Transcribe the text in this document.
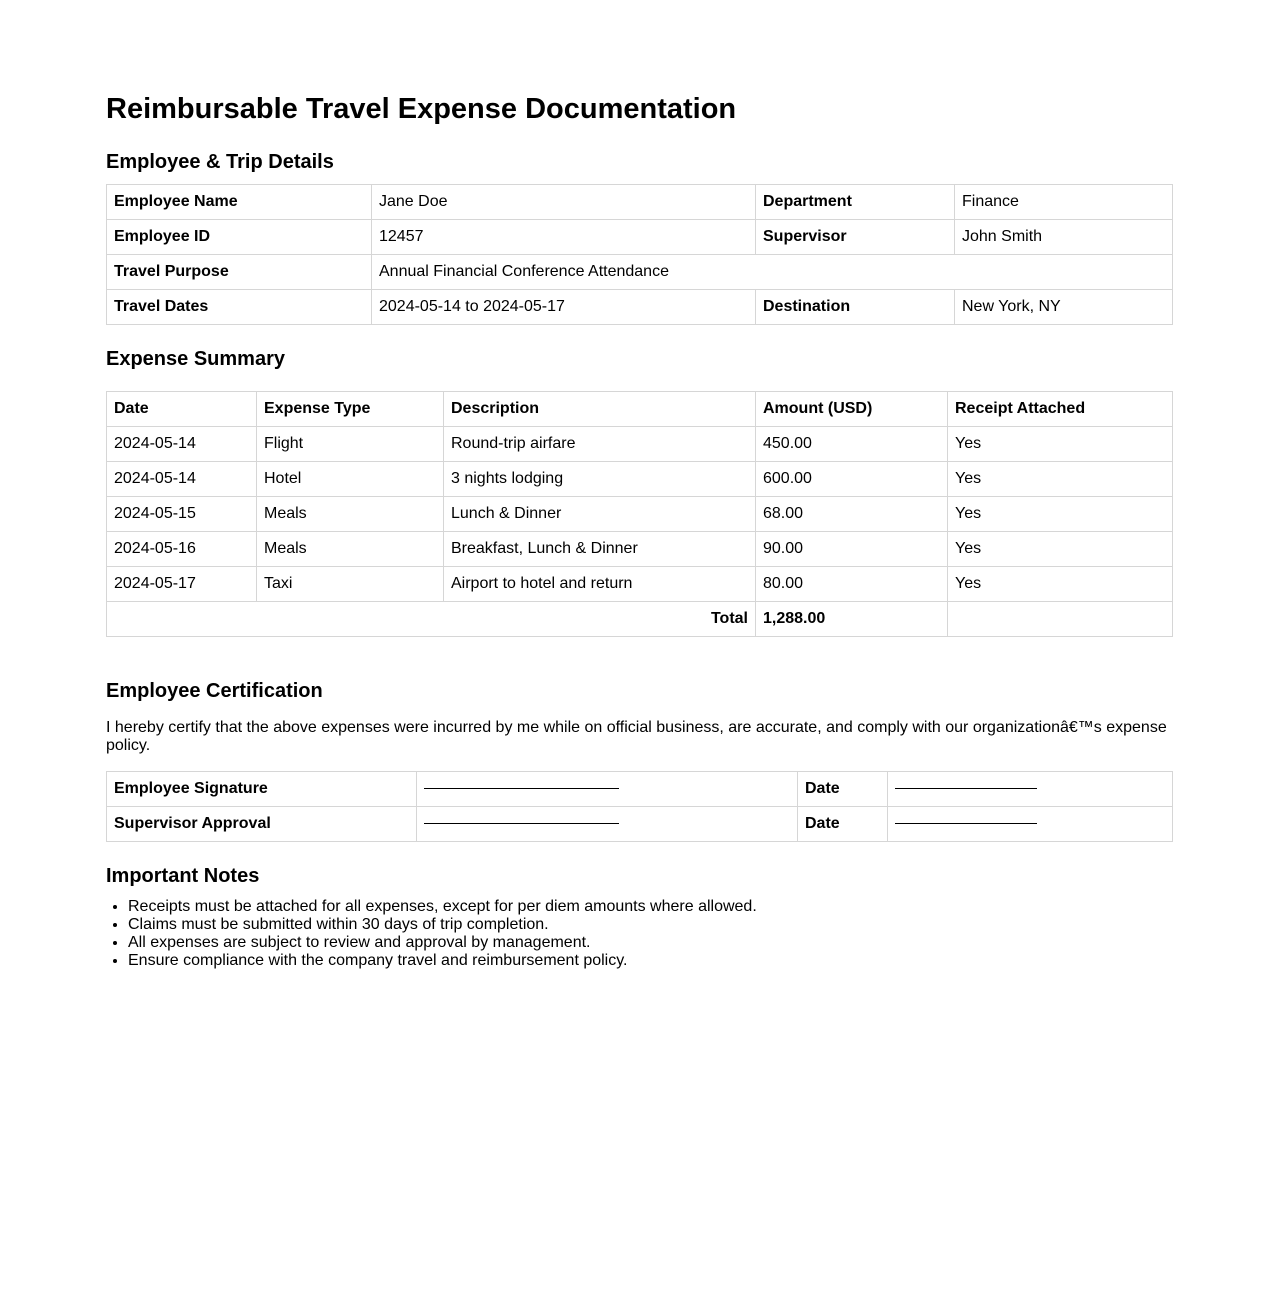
Reimbursable Travel Expense Documentation
Employee & Trip Details
Employee Name	Jane Doe	Department	Finance
Employee ID	12457	Supervisor	John Smith
Travel Purpose	Annual Financial Conference Attendance		
Travel Dates	2024-05-14 to 2024-05-17	Destination	New York, NY
Expense Summary
Date	Expense Type	Description	Amount (USD)	Receipt Attached
2024-05-14	Flight	Round-trip airfare	450.00	Yes
2024-05-14	Hotel	3 nights lodging	600.00	Yes
2024-05-15	Meals	Lunch & Dinner	68.00	Yes
2024-05-16	Meals	Breakfast, Lunch & Dinner	90.00	Yes
2024-05-17	Taxi	Airport to hotel and return	80.00	Yes
Total			1,288.00	
Employee Certification

I hereby certify that the above expenses were incurred by me while on official business, are accurate, and comply with our organizationâ€™s expense policy.

Employee Signature		Date	
Supervisor Approval		Date	
Important Notes
• Receipts must be attached for all expenses, except for per diem amounts where allowed.
• Claims must be submitted within 30 days of trip completion.
• All expenses are subject to review and approval by management.
• Ensure compliance with the company travel and reimbursement policy.
